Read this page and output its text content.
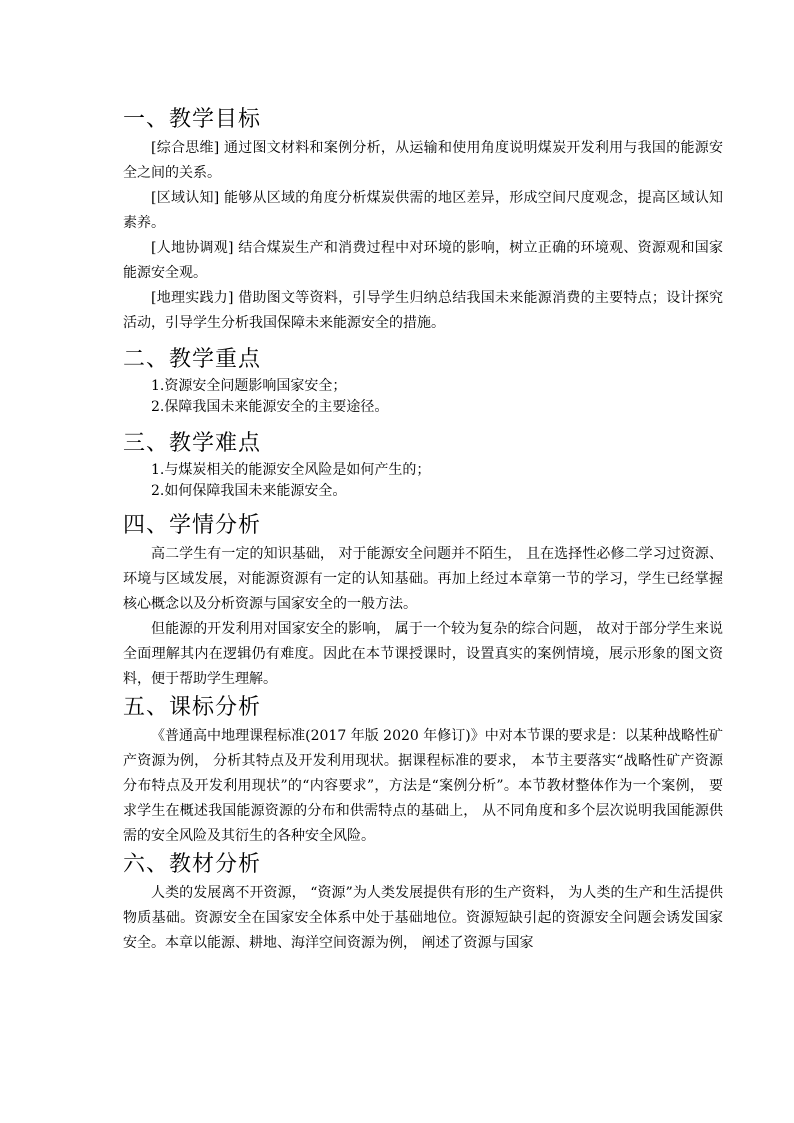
一、教学目标

[综合思维] 通过图文材料和案例分析，从运输和使用角度说明煤炭开发利用与我国的能源安全之间的关系。

[区域认知] 能够从区域的角度分析煤炭供需的地区差异，形成空间尺度观念，提高区域认知素养。

[人地协调观] 结合煤炭生产和消费过程中对环境的影响，树立正确的环境观、资源观和国家能源安全观。

[地理实践力] 借助图文等资料，引导学生归纳总结我国未来能源消费的主要特点；设计探究活动，引导学生分析我国保障未来能源安全的措施。

二、教学重点

1.资源安全问题影响国家安全；

2.保障我国未来能源安全的主要途径。

三、教学难点

1.与煤炭相关的能源安全风险是如何产生的；

2.如何保障我国未来能源安全。

四、学情分析

高二学生有一定的知识基础， 对于能源安全问题并不陌生， 且在选择性必修二学习过资源、环境与区域发展，对能源资源有一定的认知基础。再加上经过本章第一节的学习，学生已经掌握核心概念以及分析资源与国家安全的一般方法。

但能源的开发利用对国家安全的影响， 属于一个较为复杂的综合问题， 故对于部分学生来说全面理解其内在逻辑仍有难度。因此在本节课授课时，设置真实的案例情境，展示形象的图文资料，便于帮助学生理解。

五、课标分析

《普通高中地理课程标准(2017 年版 2020 年修订)》中对本节课的要求是：以某种战略性矿产资源为例， 分析其特点及开发利用现状。据课程标准的要求， 本节主要落实“战略性矿产资源分布特点及开发利用现状”的“内容要求”，方法是“案例分析”。本节教材整体作为一个案例， 要求学生在概述我国能源资源的分布和供需特点的基础上， 从不同角度和多个层次说明我国能源供需的安全风险及其衍生的各种安全风险。

六、教材分析

人类的发展离不开资源， “资源”为人类发展提供有形的生产资料， 为人类的生产和生活提供物质基础。资源安全在国家安全体系中处于基础地位。资源短缺引起的资源安全问题会诱发国家安全。本章以能源、耕地、海洋空间资源为例， 阐述了资源与国家
